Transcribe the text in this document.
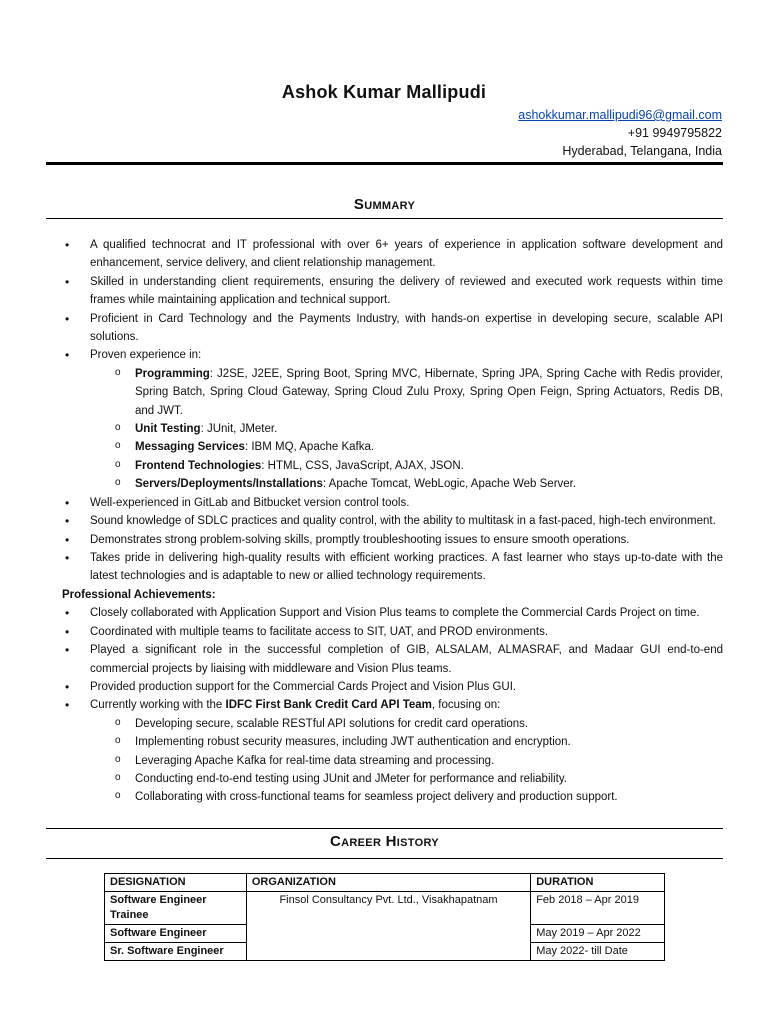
Ashok Kumar Mallipudi
ashokkumar.mallipudi96@gmail.com
+91 9949795822
Hyderabad, Telangana, India
Summary
• A qualified technocrat and IT professional with over 6+ years of experience in application software development and enhancement, service delivery, and client relationship management.
• Skilled in understanding client requirements, ensuring the delivery of reviewed and executed work requests within time frames while maintaining application and technical support.
• Proficient in Card Technology and the Payments Industry, with hands-on expertise in developing secure, scalable API solutions.
• Proven experience in:
o Programming: J2SE, J2EE, Spring Boot, Spring MVC, Hibernate, Spring JPA, Spring Cache with Redis provider, Spring Batch, Spring Cloud Gateway, Spring Cloud Zulu Proxy, Spring Open Feign, Spring Actuators, Redis DB, and JWT.
o Unit Testing: JUnit, JMeter.
o Messaging Services: IBM MQ, Apache Kafka.
o Frontend Technologies: HTML, CSS, JavaScript, AJAX, JSON.
o Servers/Deployments/Installations: Apache Tomcat, WebLogic, Apache Web Server.
• Well-experienced in GitLab and Bitbucket version control tools.
• Sound knowledge of SDLC practices and quality control, with the ability to multitask in a fast-paced, high-tech environment.
• Demonstrates strong problem-solving skills, promptly troubleshooting issues to ensure smooth operations.
• Takes pride in delivering high-quality results with efficient working practices. A fast learner who stays up-to-date with the latest technologies and is adaptable to new or allied technology requirements.

Professional Achievements:

• Closely collaborated with Application Support and Vision Plus teams to complete the Commercial Cards Project on time.
• Coordinated with multiple teams to facilitate access to SIT, UAT, and PROD environments.
• Played a significant role in the successful completion of GIB, ALSALAM, ALMASRAF, and Madaar GUI end-to-end commercial projects by liaising with middleware and Vision Plus teams.
• Provided production support for the Commercial Cards Project and Vision Plus GUI.
• Currently working with the IDFC First Bank Credit Card API Team, focusing on:
o Developing secure, scalable RESTful API solutions for credit card operations.
o Implementing robust security measures, including JWT authentication and encryption.
o Leveraging Apache Kafka for real-time data streaming and processing.
o Conducting end-to-end testing using JUnit and JMeter for performance and reliability.
o Collaborating with cross-functional teams for seamless project delivery and production support.
Career History
DESIGNATION	ORGANIZATION	DURATION
Software Engineer Trainee	Finsol Consultancy Pvt. Ltd., Visakhapatnam	Feb 2018 – Apr 2019
Software Engineer		May 2019 – Apr 2022
Sr. Software Engineer		May 2022- till Date
